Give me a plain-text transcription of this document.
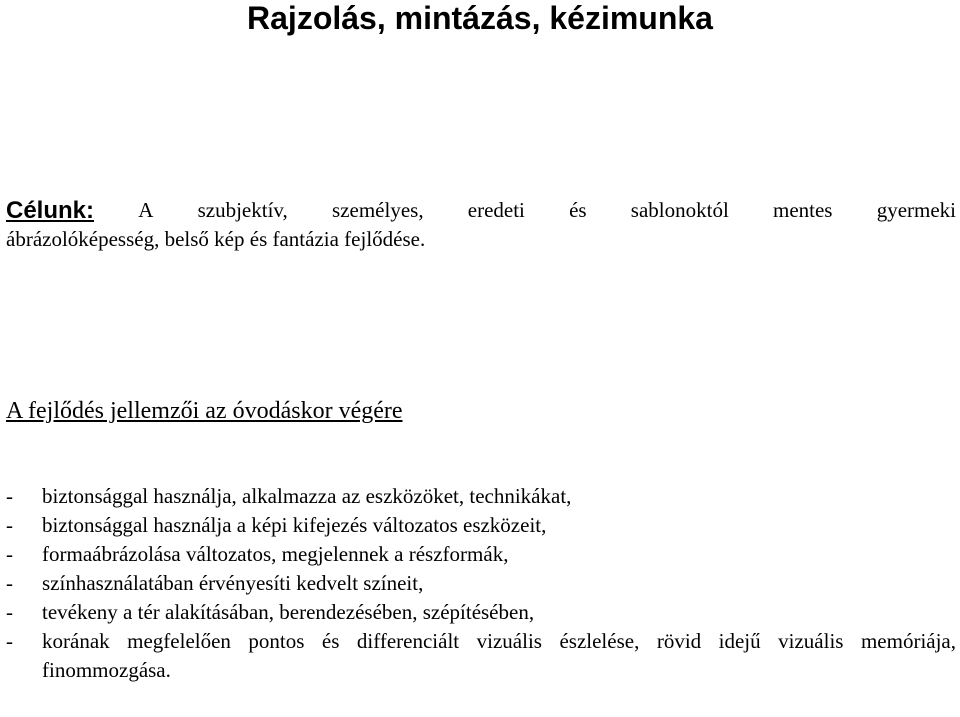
Rajzolás, mintázás, kézimunka
Célunk: A szubjektív, személyes, eredeti és sablonoktól mentes gyermeki
ábrázolóképesség, belső kép és fantázia fejlődése.
A fejlődés jellemzői az óvodáskor végére
-	biztonsággal használja, alkalmazza az eszközöket, technikákat,
-	biztonsággal használja a képi kifejezés változatos eszközeit,
-	formaábrázolása változatos, megjelennek a részformák,
-	színhasználatában érvényesíti kedvelt színeit,
-	tevékeny a tér alakításában, berendezésében, szépítésében,
-	korának megfelelően pontos és differenciált vizuális észlelése, rövid idejű vizuális memóriája, finommozgása.
